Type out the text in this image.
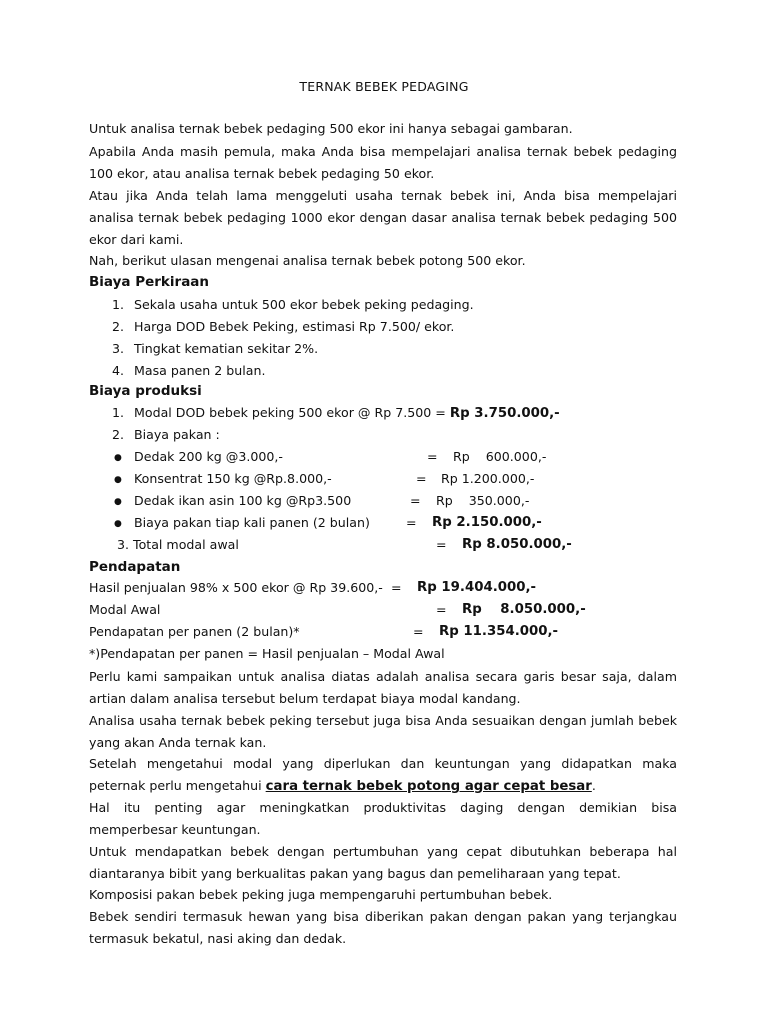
TERNAK BEBEK PEDAGING

Untuk analisa ternak bebek pedaging 500 ekor ini hanya sebagai gambaran.

Apabila Anda masih pemula, maka Anda bisa mempelajari analisa ternak bebek pedaging 100 ekor, atau analisa ternak bebek pedaging 50 ekor.

Atau jika Anda telah lama menggeluti usaha ternak bebek ini, Anda bisa mempelajari analisa ternak bebek pedaging 1000 ekor dengan dasar analisa ternak bebek pedaging 500 ekor dari kami.

Nah, berikut ulasan mengenai analisa ternak bebek potong 500 ekor.

Biaya Perkiraan
1. Sekala usaha untuk 500 ekor bebek peking pedaging.
2. Harga DOD Bebek Peking, estimasi Rp 7.500/ ekor.
3. Tingkat kematian sekitar 2%.
4. Masa panen 2 bulan.
Biaya produksi
1. Modal DOD bebek peking 500 ekor @ Rp 7.500 = Rp 3.750.000,-
2. Biaya pakan :
● Dedak 200 kg @3.000,-	= Rp    600.000,-
● Konsentrat 150 kg @Rp.8.000,-	= Rp 1.200.000,-
● Dedak ikan asin 100 kg @Rp3.500	= Rp    350.000,-
● Biaya pakan tiap kali panen (2 bulan)	= Rp 2.150.000,-
3. Total modal awal	= Rp 8.050.000,-
Pendapatan
Hasil penjualan 98% x 500 ekor @ Rp 39.600,- = Rp 19.404.000,-
Modal Awal	= Rp    8.050.000,-
Pendapatan per panen (2 bulan)*	= Rp 11.354.000,-
*)Pendapatan per panen = Hasil penjualan – Modal Awal

Perlu kami sampaikan untuk analisa diatas adalah analisa secara garis besar saja, dalam artian dalam analisa tersebut belum terdapat biaya modal kandang.

Analisa usaha ternak bebek peking tersebut juga bisa Anda sesuaikan dengan jumlah bebek yang akan Anda ternak kan.

Setelah mengetahui modal yang diperlukan dan keuntungan yang didapatkan maka peternak perlu mengetahui cara ternak bebek potong agar cepat besar.

Hal itu penting agar meningkatkan produktivitas daging dengan demikian bisa memperbesar keuntungan.

Untuk mendapatkan bebek dengan pertumbuhan yang cepat dibutuhkan beberapa hal diantaranya bibit yang berkualitas pakan yang bagus dan pemeliharaan yang tepat.

Komposisi pakan bebek peking juga mempengaruhi pertumbuhan bebek.

Bebek sendiri termasuk hewan yang bisa diberikan pakan dengan pakan yang terjangkau termasuk bekatul, nasi aking dan dedak.
